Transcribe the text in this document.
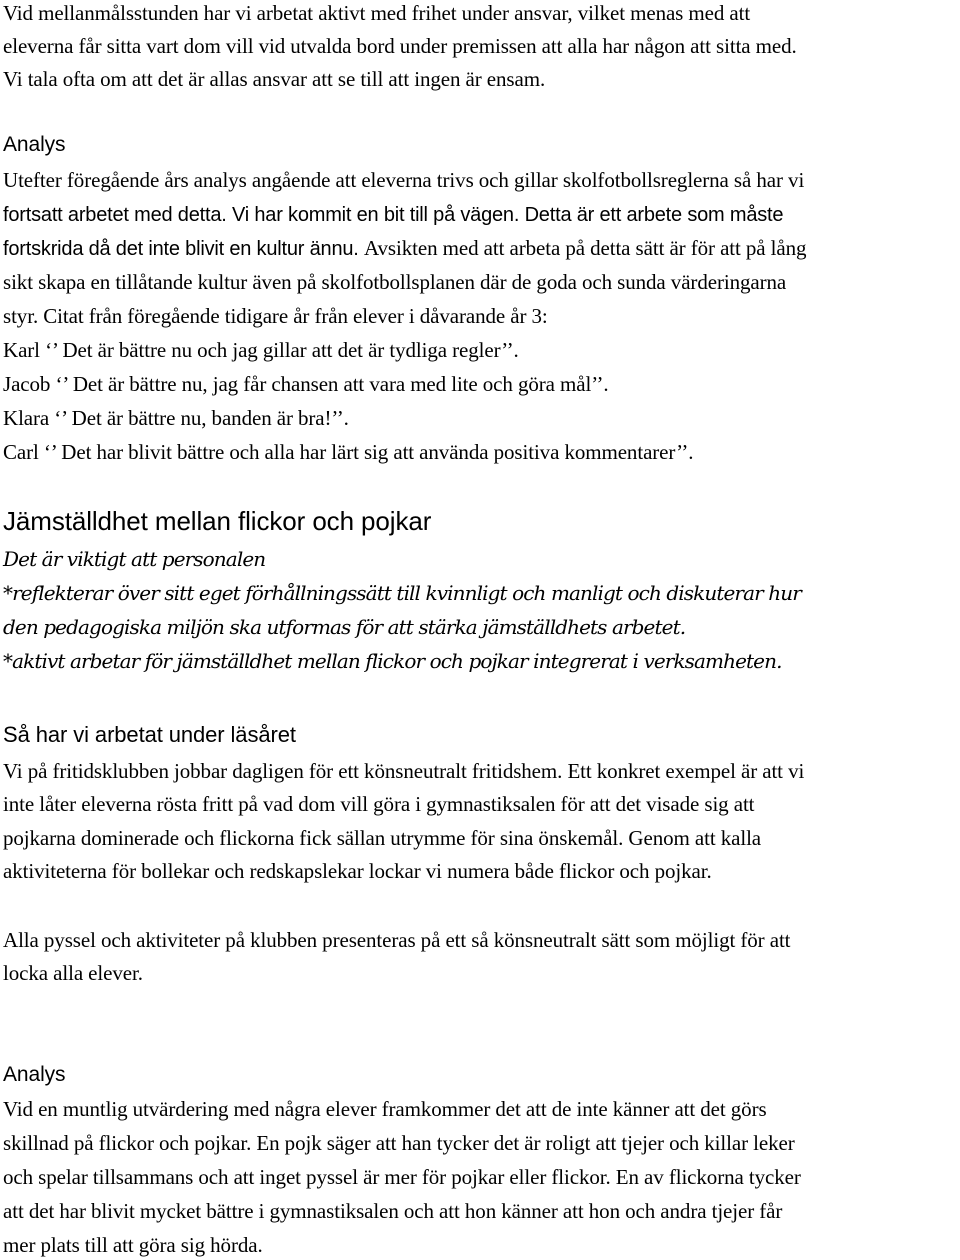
Vid mellanmålsstunden har vi arbetat aktivt med frihet under ansvar, vilket menas med att
eleverna får sitta vart dom vill vid utvalda bord under premissen att alla har någon att sitta med.
Vi tala ofta om att det är allas ansvar att se till att ingen är ensam.
Analys
Utefter föregående års analys angående att eleverna trivs och gillar skolfotbollsreglerna så har vi
fortsatt arbetet med detta. Vi har kommit en bit till på vägen. Detta är ett arbete som måste
fortskrida då det inte blivit en kultur ännu. Avsikten med att arbeta på detta sätt är för att på lång
sikt skapa en tillåtande kultur även på skolfotbollsplanen där de goda och sunda värderingarna
styr. Citat från föregående tidigare år från elever i dåvarande år 3:
Karl ‘’ Det är bättre nu och jag gillar att det är tydliga regler’’.
Jacob ‘’ Det är bättre nu, jag får chansen att vara med lite och göra mål’’.
Klara ‘’ Det är bättre nu, banden är bra!’’.
Carl ‘’ Det har blivit bättre och alla har lärt sig att använda positiva kommentarer’’.
Jämställdhet mellan flickor och pojkar
Det är viktigt att personalen
*reflekterar över sitt eget förhållningssätt till kvinnligt och manligt och diskuterar hur
den pedagogiska miljön ska utformas för att stärka jämställdhets arbetet.
*aktivt arbetar för jämställdhet mellan flickor och pojkar integrerat i verksamheten.
Så har vi arbetat under läsåret
Vi på fritidsklubben jobbar dagligen för ett könsneutralt fritidshem. Ett konkret exempel är att vi
inte låter eleverna rösta fritt på vad dom vill göra i gymnastiksalen för att det visade sig att
pojkarna dominerade och flickorna fick sällan utrymme för sina önskemål. Genom att kalla
aktiviteterna för bollekar och redskapslekar lockar vi numera både flickor och pojkar.
Alla pyssel och aktiviteter på klubben presenteras på ett så könsneutralt sätt som möjligt för att
locka alla elever.
Analys
Vid en muntlig utvärdering med några elever framkommer det att de inte känner att det görs
skillnad på flickor och pojkar. En pojk säger att han tycker det är roligt att tjejer och killar leker
och spelar tillsammans och att inget pyssel är mer för pojkar eller flickor. En av flickorna tycker
att det har blivit mycket bättre i gymnastiksalen och att hon känner att hon och andra tjejer får
mer plats till att göra sig hörda.
